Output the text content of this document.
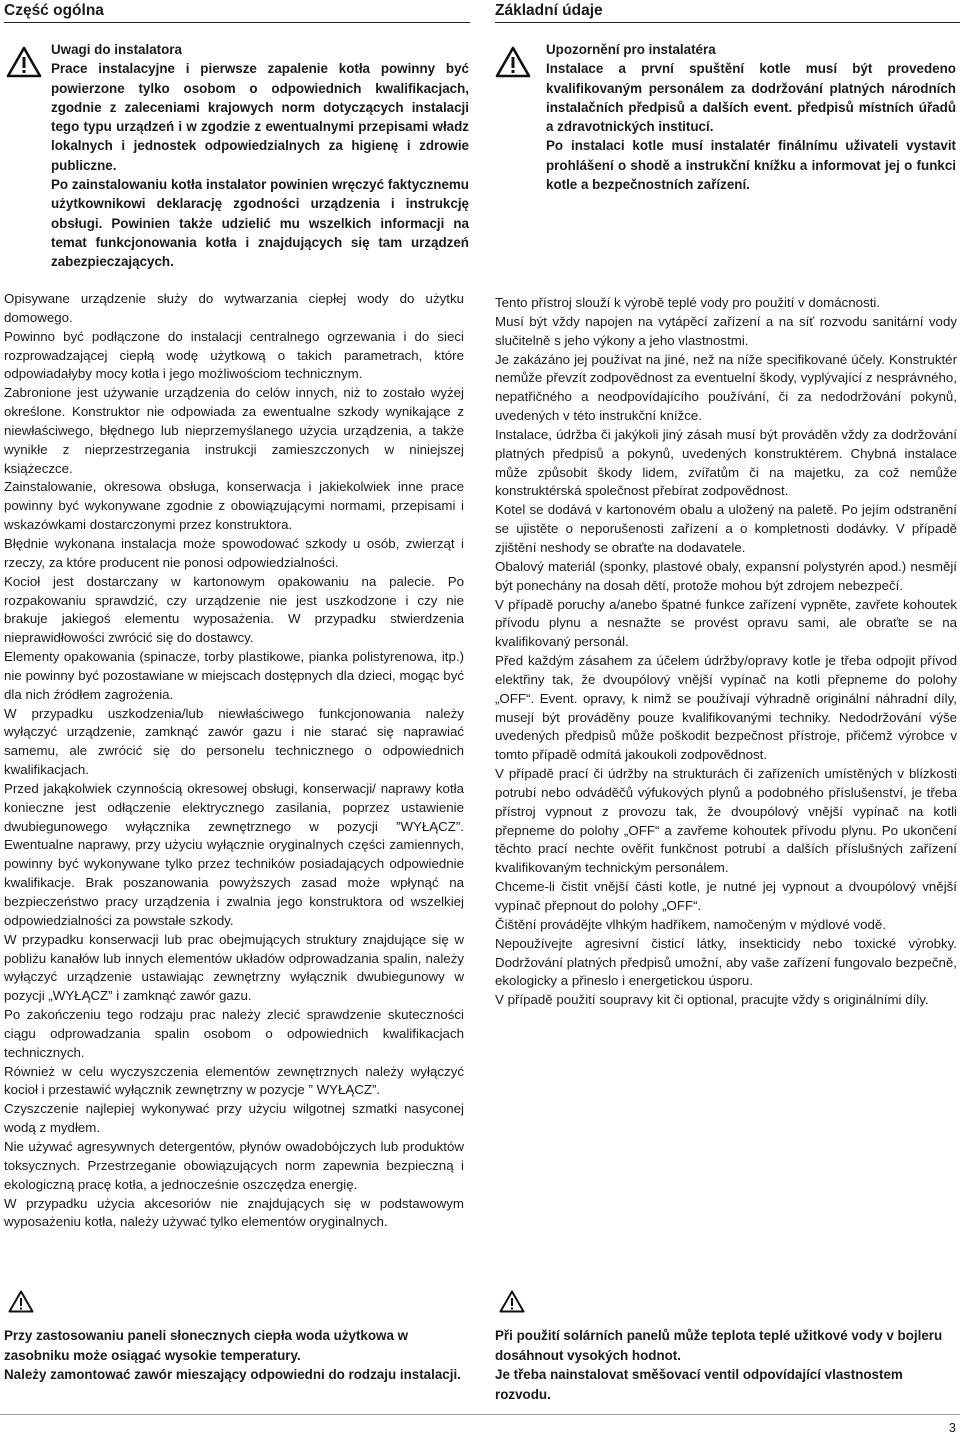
Część ogólna	Základní údaje

Uwagi do instalatora

Prace instalacyjne i pierwsze zapalenie kotła powinny być powierzone tylko osobom o odpowiednich kwalifikacjach, zgodnie z zaleceniami krajowych norm dotyczących instalacji tego typu urządzeń i w zgodzie z ewentualnymi przepisami władz lokalnych i jednostek odpowiedzialnych za higienę i zdrowie publiczne.

Po zainstalowaniu kotła instalator powinien wręczyć faktycznemu użytkownikowi deklarację zgodności urządzenia i instrukcję obsługi. Powinien także udzielić mu wszelkich informacji na temat funkcjonowania kotła i znajdujących się tam urządzeń zabezpieczających.

Upozornění pro instalatéra

Instalace a první spuštění kotle musí být provedeno kvalifikovaným personálem za dodržování platných národních instalačních předpisů a dalších event. předpisů místních úřadů a zdravotnických institucí.

Po instalaci kotle musí instalatér finálnímu uživateli vystavit prohlášení o shodě a instrukční knížku a informovat jej o funkci kotle a bezpečnostních zařízení.

Opisywane urządzenie służy do wytwarzania ciepłej wody do użytku domowego.

Powinno być podłączone do instalacji centralnego ogrzewania i do sieci rozprowadzającej ciepłą wodę użytkową o takich parametrach, które odpowiadałyby mocy kotła i jego możliwościom technicznym.

Zabronione jest używanie urządzenia do celów innych, niż to zostało wyżej określone. Konstruktor nie odpowiada za ewentualne szkody wynikające z niewłaściwego, błędnego lub nieprzemyślanego użycia urządzenia, a także wynikłe z nieprzestrzegania instrukcji zamieszczonych w niniejszej książeczce.

Zainstalowanie, okresowa obsługa, konserwacja i jakiekolwiek inne prace powinny być wykonywane zgodnie z obowiązującymi normami, przepisami i wskazówkami dostarczonymi przez konstruktora.

Błędnie wykonana instalacja może spowodować szkody u osób, zwierząt i rzeczy, za które producent nie ponosi odpowiedzialności.

Kocioł jest dostarczany w kartonowym opakowaniu na palecie. Po rozpakowaniu sprawdzić, czy urządzenie nie jest uszkodzone i czy nie brakuje jakiegoś elementu wyposażenia. W przypadku stwierdzenia nieprawidłowości zwrócić się do dostawcy.

Elementy opakowania (spinacze, torby plastikowe, pianka polistyrenowa, itp.) nie powinny być pozostawiane w miejscach dostępnych dla dzieci, mogąc być dla nich źródłem zagrożenia.

W przypadku uszkodzenia/lub niewłaściwego funkcjonowania należy wyłączyć urządzenie, zamknąć zawór gazu i nie starać się naprawiać samemu, ale zwrócić się do personelu technicznego o odpowiednich kwalifikacjach.

Przed jakąkolwiek czynnością okresowej obsługi, konserwacji/ naprawy kotła konieczne jest odłączenie elektrycznego zasilania, poprzez ustawienie dwubiegunowego wyłącznika zewnętrznego w pozycji ”WYŁĄCZ”. Ewentualne naprawy, przy użyciu wyłącznie oryginalnych części zamiennych, powinny być wykonywane tylko przez techników posiadających odpowiednie kwalifikacje. Brak poszanowania powyższych zasad może wpłynąć na bezpieczeństwo pracy urządzenia i zwalnia jego konstruktora od wszelkiej odpowiedzialności za powstałe szkody.

W przypadku konserwacji lub prac obejmujących struktury znajdujące się w pobliżu kanałów lub innych elementów układów odprowadzania spalin, należy wyłączyć urządzenie ustawiając zewnętrzny wyłącznik dwubiegunowy w pozycji „WYŁĄCZ” i zamknąć zawór gazu.

Po zakończeniu tego rodzaju prac należy zlecić sprawdzenie skuteczności ciągu odprowadzania spalin osobom o odpowiednich kwalifikacjach technicznych.

Również w celu wyczyszczenia elementów zewnętrznych należy wyłączyć kocioł i przestawić wyłącznik zewnętrzny w pozycje ” WYŁĄCZ”.

Czyszczenie najlepiej wykonywać przy użyciu wilgotnej szmatki nasyconej wodą z mydłem.

Nie używać agresywnych detergentów, płynów owadobójczych lub produktów toksycznych. Przestrzeganie obowiązujących norm zapewnia bezpieczną i ekologiczną pracę kotła, a jednocześnie oszczędza energię.

W przypadku użycia akcesoriów nie znajdujących się w podstawowym wyposażeniu kotła, należy używać tylko elementów oryginalnych.

Tento přístroj slouží k výrobě teplé vody pro použití v domácnosti.

Musí být vždy napojen na vytápěcí zařízení a na síť rozvodu sanitární vody slučitelně s jeho výkony a jeho vlastnostmi.

Je zakázáno jej používat na jiné, než na níže specifikované účely. Konstruktér nemůže převzít zodpovědnost za eventuelní škody, vyplývající z nesprávného, nepatřičného a neodpovídajícího používání, či za nedodržování pokynů, uvedených v této instrukční knížce.

Instalace, údržba či jakýkoli jiný zásah musí být prováděn vždy za dodržování platných předpisů a pokynů, uvedených konstruktérem. Chybná instalace může způsobit škody lidem, zvířatům či na majetku, za což nemůže konstruktérská společnost přebírat zodpovědnost.

Kotel se dodává v kartonovém obalu a uložený na paletě. Po jejím odstranění se ujistěte o neporušenosti zařízení a o kompletnosti dodávky. V případě zjištění neshody se obraťte na dodavatele.

Obalový materiál (sponky, plastové obaly, expansní polystyrén apod.) nesmějí být ponechány na dosah dětí, protože mohou být zdrojem nebezpečí.

V případě poruchy a/anebo špatné funkce zařízení vypněte, zavřete kohoutek přívodu plynu a nesnažte se provést opravu sami, ale obraťte se na kvalifikovaný personál.

Před každým zásahem za účelem údržby/opravy kotle je třeba odpojit přívod elektřiny tak, že dvoupólový vnější vypínač na kotli přepneme do polohy „OFF“. Event. opravy, k nimž se používají výhradně originální náhradní díly, musejí být prováděny pouze kvalifikovanými techniky. Nedodržování výše uvedených předpisů může poškodit bezpečnost přístroje, přičemž výrobce v tomto případě odmítá jakoukoli zodpovědnost.

V případě prací či údržby na strukturách či zařízeních umístěných v blízkosti potrubí nebo odváděčů výfukových plynů a podobného příslušenství, je třeba přístroj vypnout z provozu tak, že dvoupólový vnější vypínač na kotli přepneme do polohy „OFF“ a zavřeme kohoutek přívodu plynu. Po ukončení těchto prací nechte ověřit funkčnost potrubí a dalších příslušných zařízení kvalifikovaným technickým personálem.

Chceme-li čistit vnější části kotle, je nutné jej vypnout a dvoupólový vnější vypínač přepnout do polohy „OFF“.

Čištění provádějte vlhkým hadříkem, namočeným v mýdlové vodě.

Nepoužívejte agresivní čisticí látky, insekticidy nebo toxické výrobky. Dodržování platných předpisů umožní, aby vaše zařízení fungovalo bezpečně, ekologicky a přineslo i energetickou úsporu.

V případě použití soupravy kit či optional, pracujte vždy s originálními díly.

Przy zastosowaniu paneli słonecznych ciepła woda użytkowa w zasobniku może osiągać wysokie temperatury.

Należy zamontować zawór mieszający odpowiedni do rodzaju instalacji.

Při použití solárních panelů může teplota teplé užitkové vody v bojleru dosáhnout vysokých hodnot.

Je třeba nainstalovat směšovací ventil odpovídající vlastnostem rozvodu.

3
